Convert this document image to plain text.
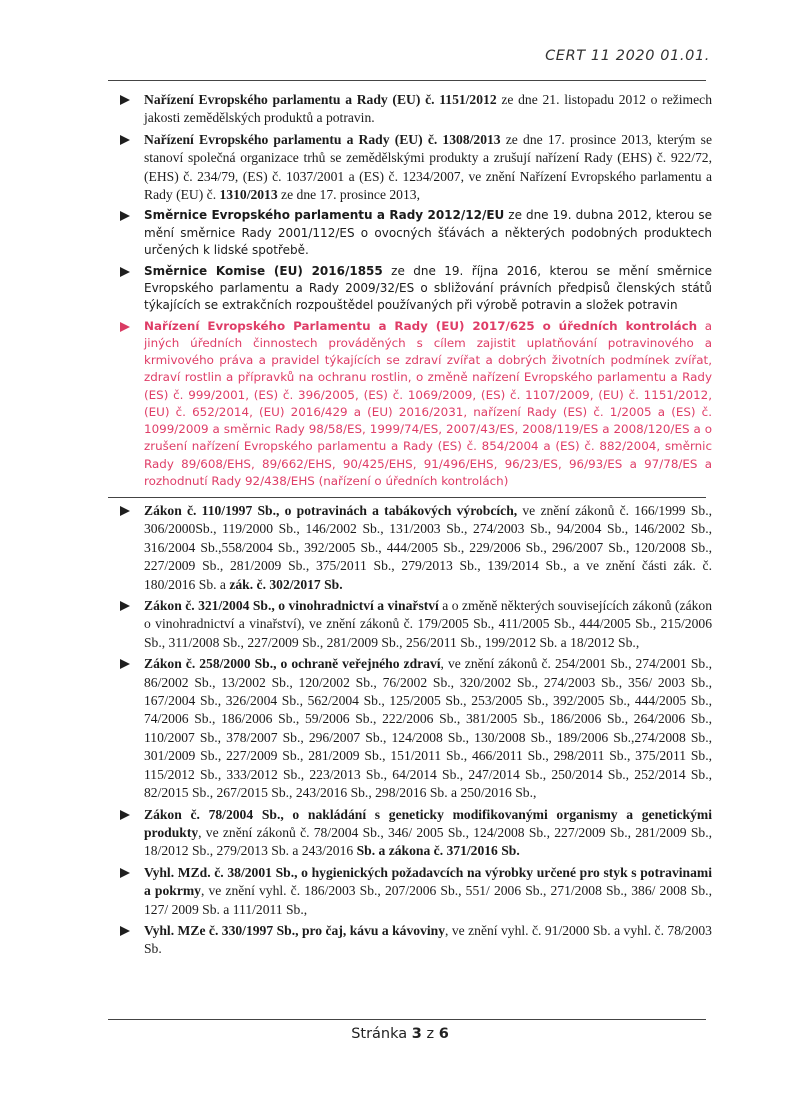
CERT 11 2020 01.01.
Nařízení Evropského parlamentu a Rady (EU) č. 1151/2012 ze dne 21. listopadu 2012 o režimech jakosti zemědělských produktů a potravin.
Nařízení Evropského parlamentu a Rady (EU) č. 1308/2013 ze dne 17. prosince 2013, kterým se stanoví společná organizace trhů se zemědělskými produkty a zrušují nařízení Rady (EHS) č. 922/72, (EHS) č. 234/79, (ES) č. 1037/2001 a (ES) č. 1234/2007, ve znění Nařízení Evropského parlamentu a Rady (EU) č. 1310/2013 ze dne 17. prosince 2013,
Směrnice Evropského parlamentu a Rady 2012/12/EU ze dne 19. dubna 2012, kterou se mění směrnice Rady 2001/112/ES o ovocných šťávách a některých podobných produktech určených k lidské spotřebě.
Směrnice Komise (EU) 2016/1855 ze dne 19. října 2016, kterou se mění směrnice Evropského parlamentu a Rady 2009/32/ES o sbližování právních předpisů členských států týkajících se extrakčních rozpouštědel používaných při výrobě potravin a složek potravin
Nařízení Evropského Parlamentu a Rady (EU) 2017/625 o úředních kontrolách a jiných úředních činnostech prováděných s cílem zajistit uplatňování potravinového a krmivového práva a pravidel týkajících se zdraví zvířat a dobrých životních podmínek zvířat, zdraví rostlin a přípravků na ochranu rostlin, o změně nařízení Evropského parlamentu a Rady (ES) č. 999/2001, (ES) č. 396/2005, (ES) č. 1069/2009, (ES) č. 1107/2009, (EU) č. 1151/2012, (EU) č. 652/2014, (EU) 2016/429 a (EU) 2016/2031, nařízení Rady (ES) č. 1/2005 a (ES) č. 1099/2009 a směrnic Rady 98/58/ES, 1999/74/ES, 2007/43/ES, 2008/119/ES a 2008/120/ES a o zrušení nařízení Evropského parlamentu a Rady (ES) č. 854/2004 a (ES) č. 882/2004, směrnic Rady 89/608/EHS, 89/662/EHS, 90/425/EHS, 91/496/EHS, 96/23/ES, 96/93/ES a 97/78/ES a rozhodnutí Rady 92/438/EHS (nařízení o úředních kontrolách)
Zákon č. 110/1997 Sb., o potravinách a tabákových výrobcích, ve znění zákonů č. 166/1999 Sb., 306/2000Sb., 119/2000 Sb., 146/2002 Sb., 131/2003 Sb., 274/2003 Sb., 94/2004 Sb., 146/2002 Sb., 316/2004 Sb.,558/2004 Sb., 392/2005 Sb., 444/2005 Sb., 229/2006 Sb., 296/2007 Sb., 120/2008 Sb., 227/2009 Sb., 281/2009 Sb., 375/2011 Sb., 279/2013 Sb., 139/2014 Sb., a ve znění části zák. č. 180/2016 Sb. a zák. č. 302/2017 Sb.
Zákon č. 321/2004 Sb., o vinohradnictví a vinařství a o změně některých souvisejících zákonů (zákon o vinohradnictví a vinařství), ve znění zákonů č. 179/2005 Sb., 411/2005 Sb., 444/2005 Sb., 215/2006 Sb., 311/2008 Sb., 227/2009 Sb., 281/2009 Sb., 256/2011 Sb., 199/2012 Sb. a 18/2012 Sb.,
Zákon č. 258/2000 Sb., o ochraně veřejného zdraví, ve znění zákonů č. 254/2001 Sb., 274/2001 Sb., 86/2002 Sb., 13/2002 Sb., 120/2002 Sb., 76/2002 Sb., 320/2002 Sb., 274/2003 Sb., 356/ 2003 Sb., 167/2004 Sb., 326/2004 Sb., 562/2004 Sb., 125/2005 Sb., 253/2005 Sb., 392/2005 Sb., 444/2005 Sb., 74/2006 Sb., 186/2006 Sb., 59/2006 Sb., 222/2006 Sb., 381/2005 Sb., 186/2006 Sb., 264/2006 Sb., 110/2007 Sb., 378/2007 Sb., 296/2007 Sb., 124/2008 Sb., 130/2008 Sb., 189/2006 Sb.,274/2008 Sb., 301/2009 Sb., 227/2009 Sb., 281/2009 Sb., 151/2011 Sb., 466/2011 Sb., 298/2011 Sb., 375/2011 Sb., 115/2012 Sb., 333/2012 Sb., 223/2013 Sb., 64/2014 Sb., 247/2014 Sb., 250/2014 Sb., 252/2014 Sb., 82/2015 Sb., 267/2015 Sb., 243/2016 Sb., 298/2016 Sb. a 250/2016 Sb.,
Zákon č. 78/2004 Sb., o nakládání s geneticky modifikovanými organismy a genetickými produkty, ve znění zákonů č. 78/2004 Sb., 346/ 2005 Sb., 124/2008 Sb., 227/2009 Sb., 281/2009 Sb., 18/2012 Sb., 279/2013 Sb. a 243/2016 Sb. a zákona č. 371/2016 Sb.
Vyhl. MZd. č. 38/2001 Sb., o hygienických požadavcích na výrobky určené pro styk s potravinami a pokrmy, ve znění vyhl. č. 186/2003 Sb., 207/2006 Sb., 551/ 2006 Sb., 271/2008 Sb., 386/ 2008 Sb., 127/ 2009 Sb. a 111/2011 Sb.,
Vyhl. MZe č. 330/1997 Sb., pro čaj, kávu a kávoviny, ve znění vyhl. č. 91/2000 Sb. a vyhl. č. 78/2003 Sb.
Stránka 3 z 6
